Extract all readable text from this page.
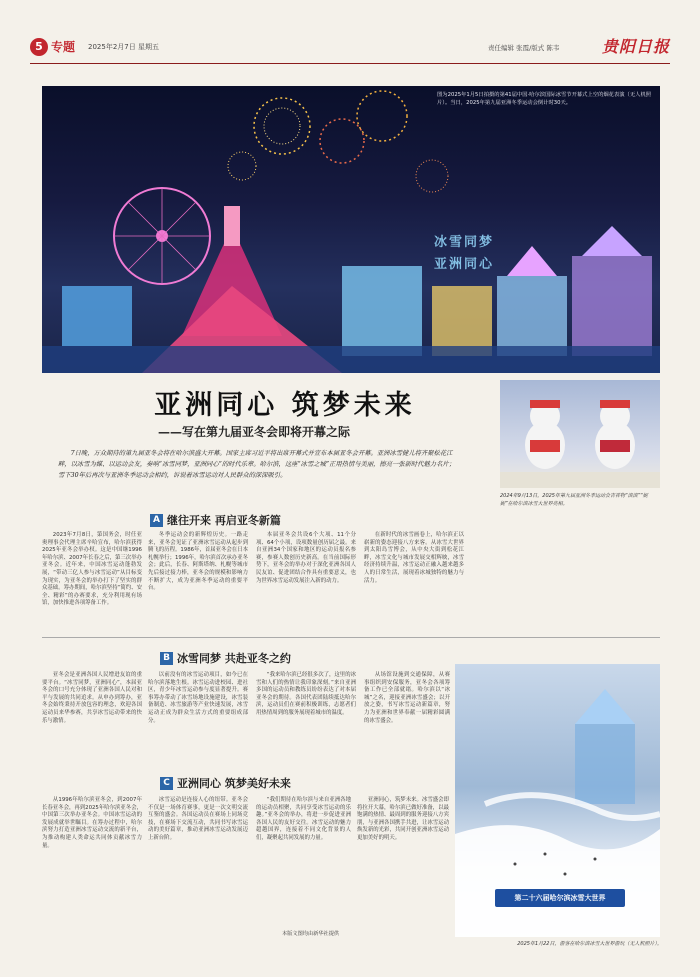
5 专题 2025年2月7日 星期五	责任编辑 张霞/版式 陈韦	贵阳日报
图为2025年1月5日拍摄的第41届中国·哈尔滨国际冰雪节开幕式上空的烟花表演（无人机照片）。当日，2025年第九届亚洲冬季运动会倒计时30天。
冰雪同梦
亚洲同心
亚洲同心 筑梦未来
——写在第九届亚冬会即将开幕之际
7日晚，万众期待的第九届亚冬会将在哈尔滨盛大开幕。国家主席习近平将出席开幕式并宣布本届亚冬会开幕。亚洲冰雪健儿将齐聚松花江畔，以冰雪为媒、以运动会友，奏响“冰雪同梦，亚洲同心”的时代乐章。哈尔滨，这座“冰雪之城”正用热情与美丽，擦亮一张新时代魅力名片；雪下30年后再次与亚洲冬季运动会相约，诉说着冰雪运动对人民群众的深深吸引。
2024年9月13日，2025年第九届亚洲冬季运动会吉祥物“滨滨”“妮妮”在哈尔滨冰雪大世界亮相。
A 继往开来 再启亚冬新篇

2023年7月8日，第国务会，时任亚奥理事会代理主席辛哈宣布，哈尔滨获得2025年亚冬会举办权。这是中国继1996年哈尔滨、2007年长春之后，第三次举办亚冬会。近年来，中国冰雪运动蓬勃发展，“带动三亿人参与冰雪运动”从目标变为现实，为亚冬会的举办打下了坚实的群众基础。筹办期间，哈尔滨坚持“简约、安全、精彩”的办赛要求，充分利用现有场馆，加快推进各项筹备工作。

冬季运动会的新辉煌历史。一路走来，亚冬会见证了亚洲冰雪运动从起步到腾飞的历程。1986年，首届亚冬会在日本札幌举行；1996年，哈尔滨首次承办亚冬会；此后，长春、阿斯塔纳、札幌等城市先后接过接力棒，亚冬会的规模和影响力不断扩大，成为亚洲冬季运动的重要平台。

本届亚冬会共设6个大项、11个分项、64个小项，设项数量创历届之最。来自亚洲34个国家和地区的运动员报名参赛，参赛人数创历史新高。在当前国际形势下，亚冬会的举办对于深化亚洲各国人民友谊、促进团结合作具有重要意义，也为世界冰雪运动发展注入新的动力。

在新时代的冰雪画卷上，哈尔滨正以崭新的姿态迎接八方来客。从冰雪大世界到太阳岛雪博会，从中央大街到松花江畔，冰雪文化与城市发展交相辉映，冰雪经济持续升温，冰雪运动正融入越来越多人的日常生活，展现着冰城独特的魅力与活力。

B 冰雪同梦 共赴亚冬之约

亚冬会是亚洲各国人民增进友谊的重要平台。“冰雪同梦，亚洲同心”，本届亚冬会的口号充分体现了亚洲各国人民对和平与发展的共同追求。从申办到筹办，亚冬会始终秉持开放包容的理念，欢迎各国运动员来华参赛，共享冰雪运动带来的快乐与激情。

以前没有的冰雪运动项目，如今已在哈尔滨落地生根。冰雪运动进校园、进社区，青少年冰雪运动参与度显著提升。赛事筹办带动了冰雪场地设施建设，冰雪装备制造、冰雪旅游等产业快速发展，冰雪运动正成为群众生活方式的重要组成部分。

“我来哈尔滨已经很多次了，这里的冰雪和人们的热情让我印象深刻。”来自亚洲多国的运动员和教练员纷纷表达了对本届亚冬会的期待。各国代表团陆续抵达哈尔滨，运动员们在赛前积极训练，志愿者们用热情周到的服务展现着城市的温度。

从场馆设施到交通保障，从赛事组织到安保服务，亚冬会各项筹备工作已全部就绪。哈尔滨以“冰城”之名，迎接亚洲冰雪盛会；以开放之姿，书写冰雪运动新篇章，努力为亚洲和世界奉献一届精彩圆满的冰雪盛会。

C 亚洲同心 筑梦美好未来

从1996年哈尔滨亚冬会，到2007年长春亚冬会，再到2025年哈尔滨亚冬会，中国第三次举办亚冬会。中国冰雪运动的发展成就举世瞩目。在筹办过程中，哈尔滨努力打造亚洲冰雪运动交流的新平台，为推动构建人类命运共同体贡献冰雪力量。

冰雪运动是连接人心的纽带。亚冬会不仅是一场体育赛事，更是一次文明交流互鉴的盛会。各国运动员在赛场上同场竞技，在赛场下交流互动，共同书写冰雪运动的美好篇章，推动亚洲冰雪运动发展迈上新台阶。

“我们期待在哈尔滨与来自亚洲各地的运动员相聚，共同享受冰雪运动的乐趣。”亚冬会的举办，将进一步促进亚洲各国人民的友好交往。冰雪运动的魅力超越国界，连接着不同文化背景的人们，凝聚起共同发展的力量。

亚洲同心，筑梦未来。冰雪盛会即将拉开大幕，哈尔滨已做好准备，以最饱满的热情、最周到的服务迎接八方宾朋，与亚洲各国携手共进，让冰雪运动焕发新的光彩，共同开创亚洲冰雪运动更加美好的明天。

第二十六届哈尔滨冰雪大世界
2025年1月22日，游客在哈尔滨冰雪大世界游玩（无人机照片）。
本版文图均由新华社提供
